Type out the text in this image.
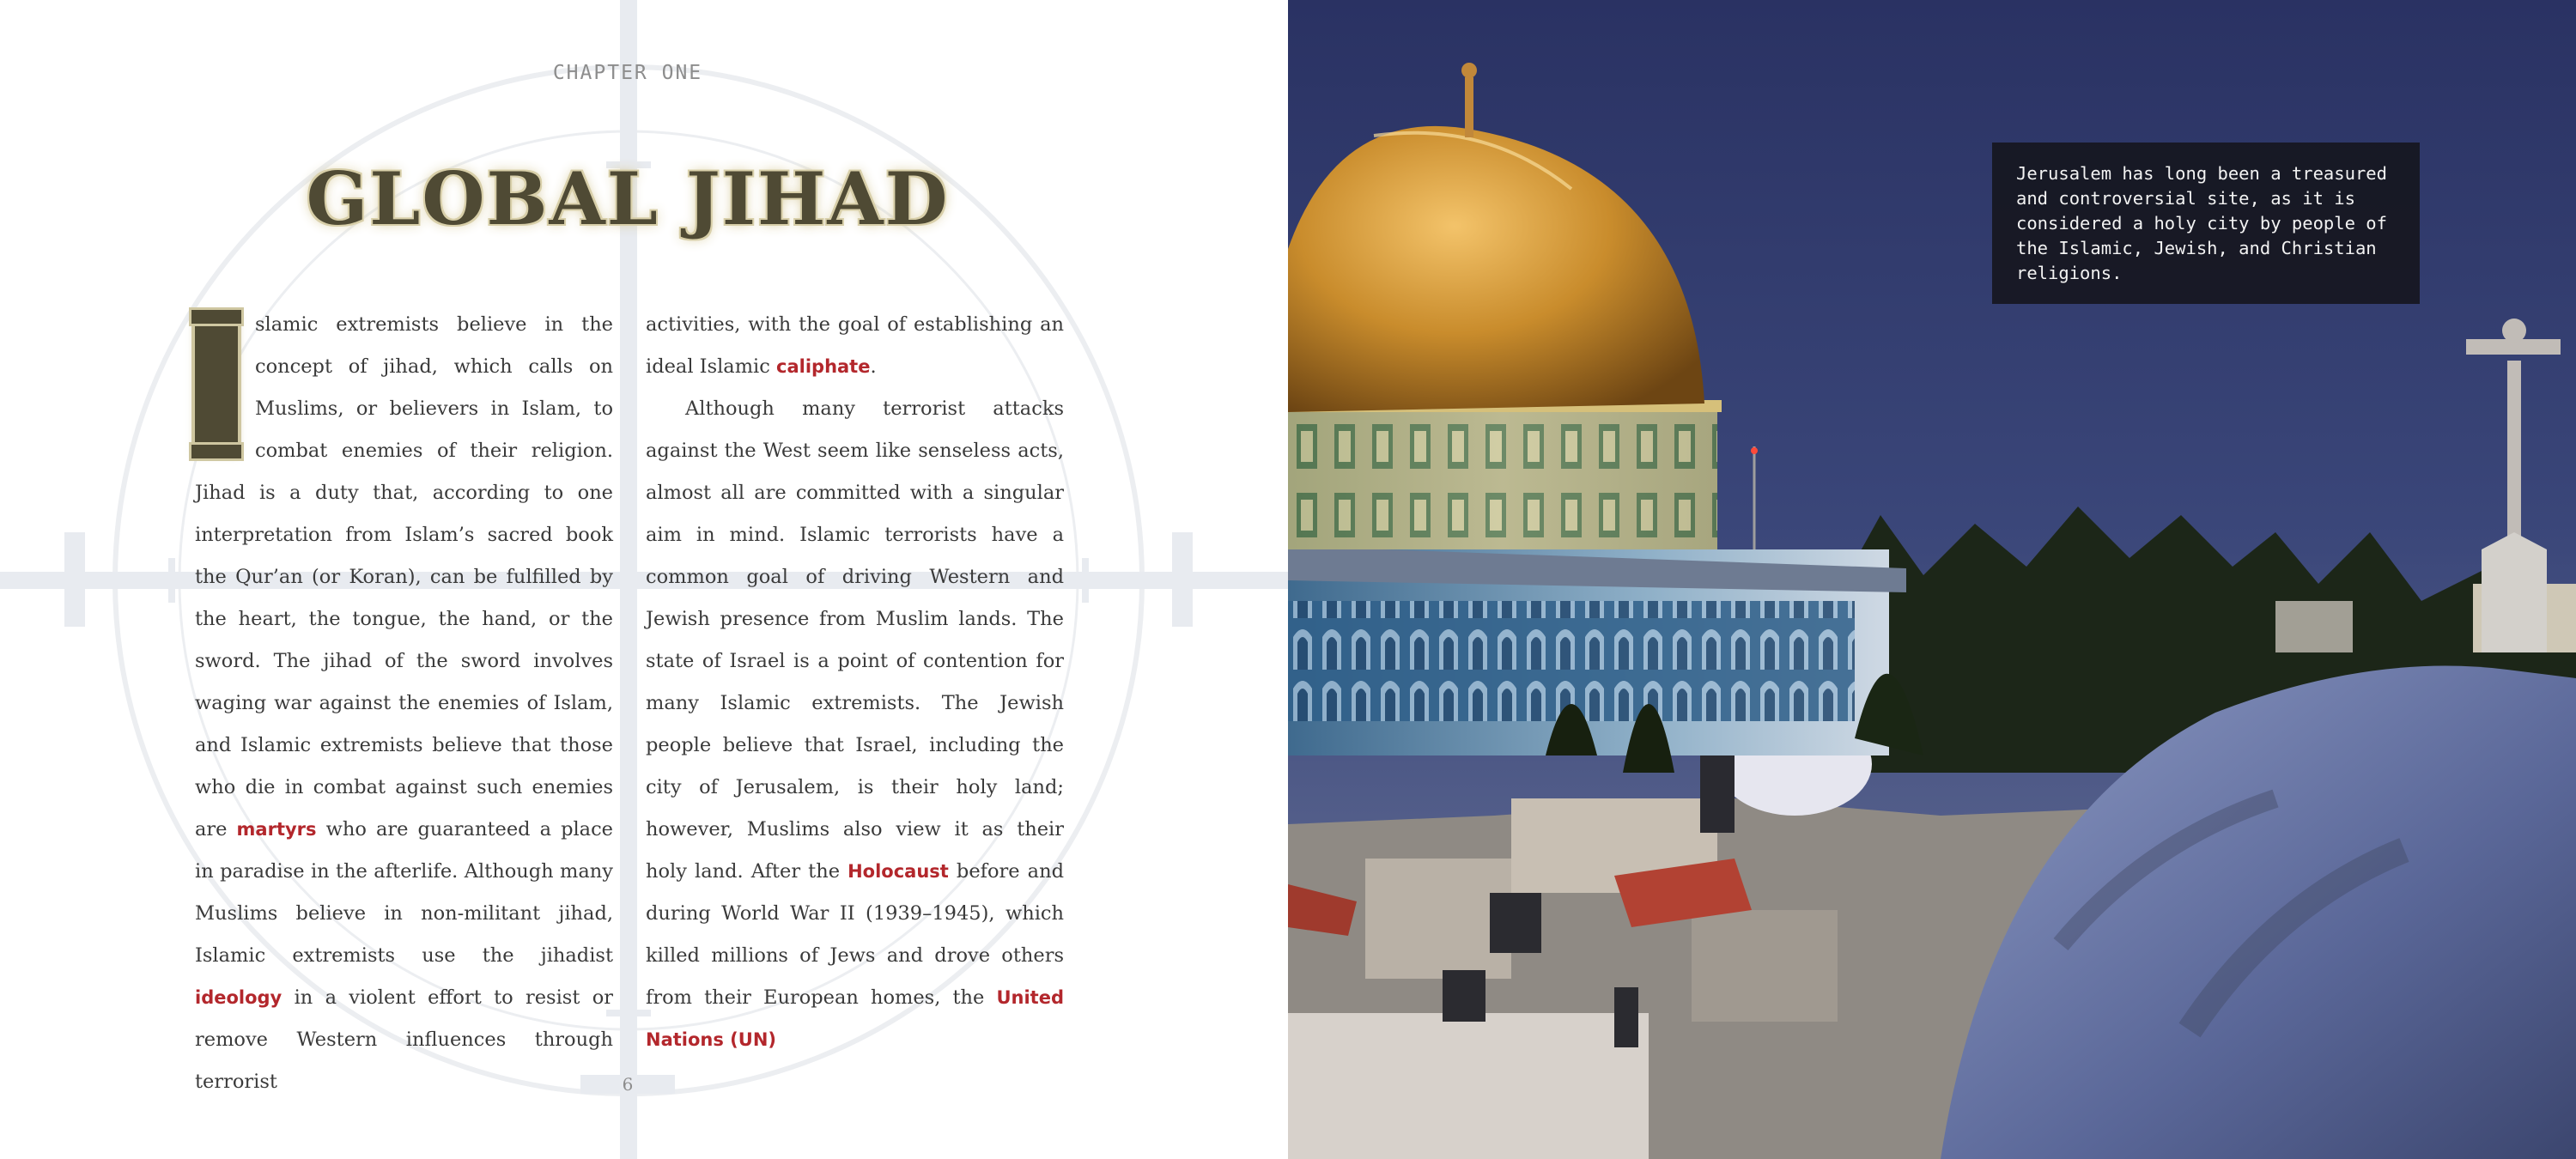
CHAPTER ONE
GLOBAL JIHAD

slamic extremists believe in the concept of jihad, which calls on Muslims, or believers in Islam, to combat enemies of their religion. Jihad is a duty that, according to one interpretation from Islam’s sacred book the Qur’an (or Koran), can be fulfilled by the heart, the tongue, the hand, or the sword. The jihad of the sword involves waging war against the enemies of Islam, and Islamic extremists believe that those who die in combat against such enemies are martyrs who are guaranteed a place in paradise in the afterlife. Although many Muslims believe in non-militant jihad, Islamic extremists use the jihadist ideology in a violent effort to resist or remove Western influences through terrorist

activities, with the goal of establishing an ideal Islamic caliphate.

Although many terrorist attacks against the West seem like senseless acts, almost all are committed with a singular aim in mind. Islamic terrorists have a common goal of driving Western and Jewish presence from Muslim lands. The state of Israel is a point of contention for many Islamic extremists. The Jewish people believe that Israel, including the city of Jerusalem, is their holy land; however, Muslims also view it as their holy land. After the Holocaust before and during World War II (1939–1945), which killed millions of Jews and drove others from their European homes, the United Nations (UN)

6
Jerusalem has long been a treasured and controversial site, as it is considered a holy city by people of the Islamic, Jewish, and Christian religions.
